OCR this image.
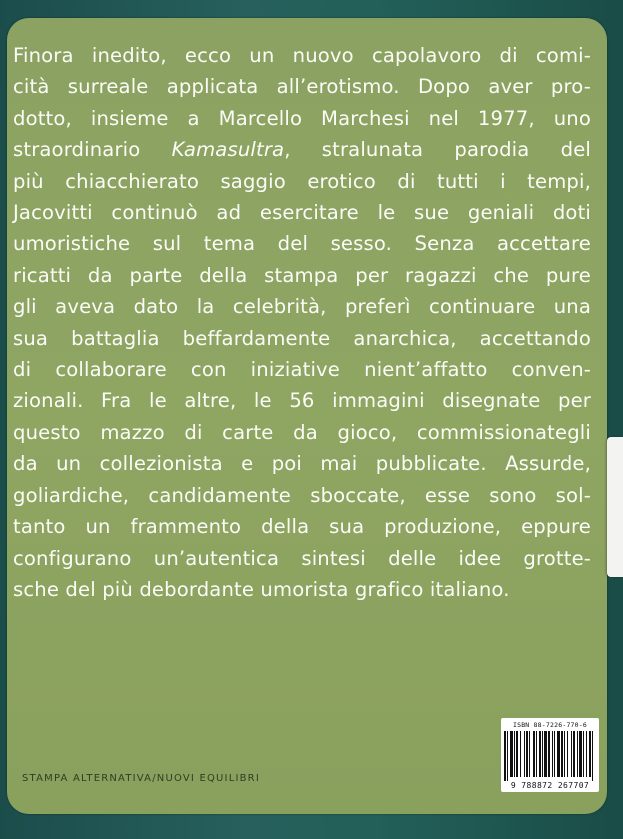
Finora inedito, ecco un nuovo capolavoro di comi-
cità surreale applicata all’erotismo. Dopo aver pro-
dotto, insieme a Marcello Marchesi nel 1977, uno
straordinario Kamasultra, stralunata parodia del
più chiacchierato saggio erotico di tutti i tempi,
Jacovitti continuò ad esercitare le sue geniali doti
umoristiche sul tema del sesso. Senza accettare
ricatti da parte della stampa per ragazzi che pure
gli aveva dato la celebrità, preferì continuare una
sua battaglia beffardamente anarchica, accettando
di collaborare con iniziative nient’affatto conven-
zionali. Fra le altre, le 56 immagini disegnate per
questo mazzo di carte da gioco, commissionategli
da un collezionista e poi mai pubblicate. Assurde,
goliardiche, candidamente sboccate, esse sono sol-
tanto un frammento della sua produzione, eppure
configurano un’autentica sintesi delle idee grotte-
sche del più debordante umorista grafico italiano.

STAMPA ALTERNATIVA/NUOVI EQUILIBRI
ISBN 88-7226-770-6
9 788872 267707
